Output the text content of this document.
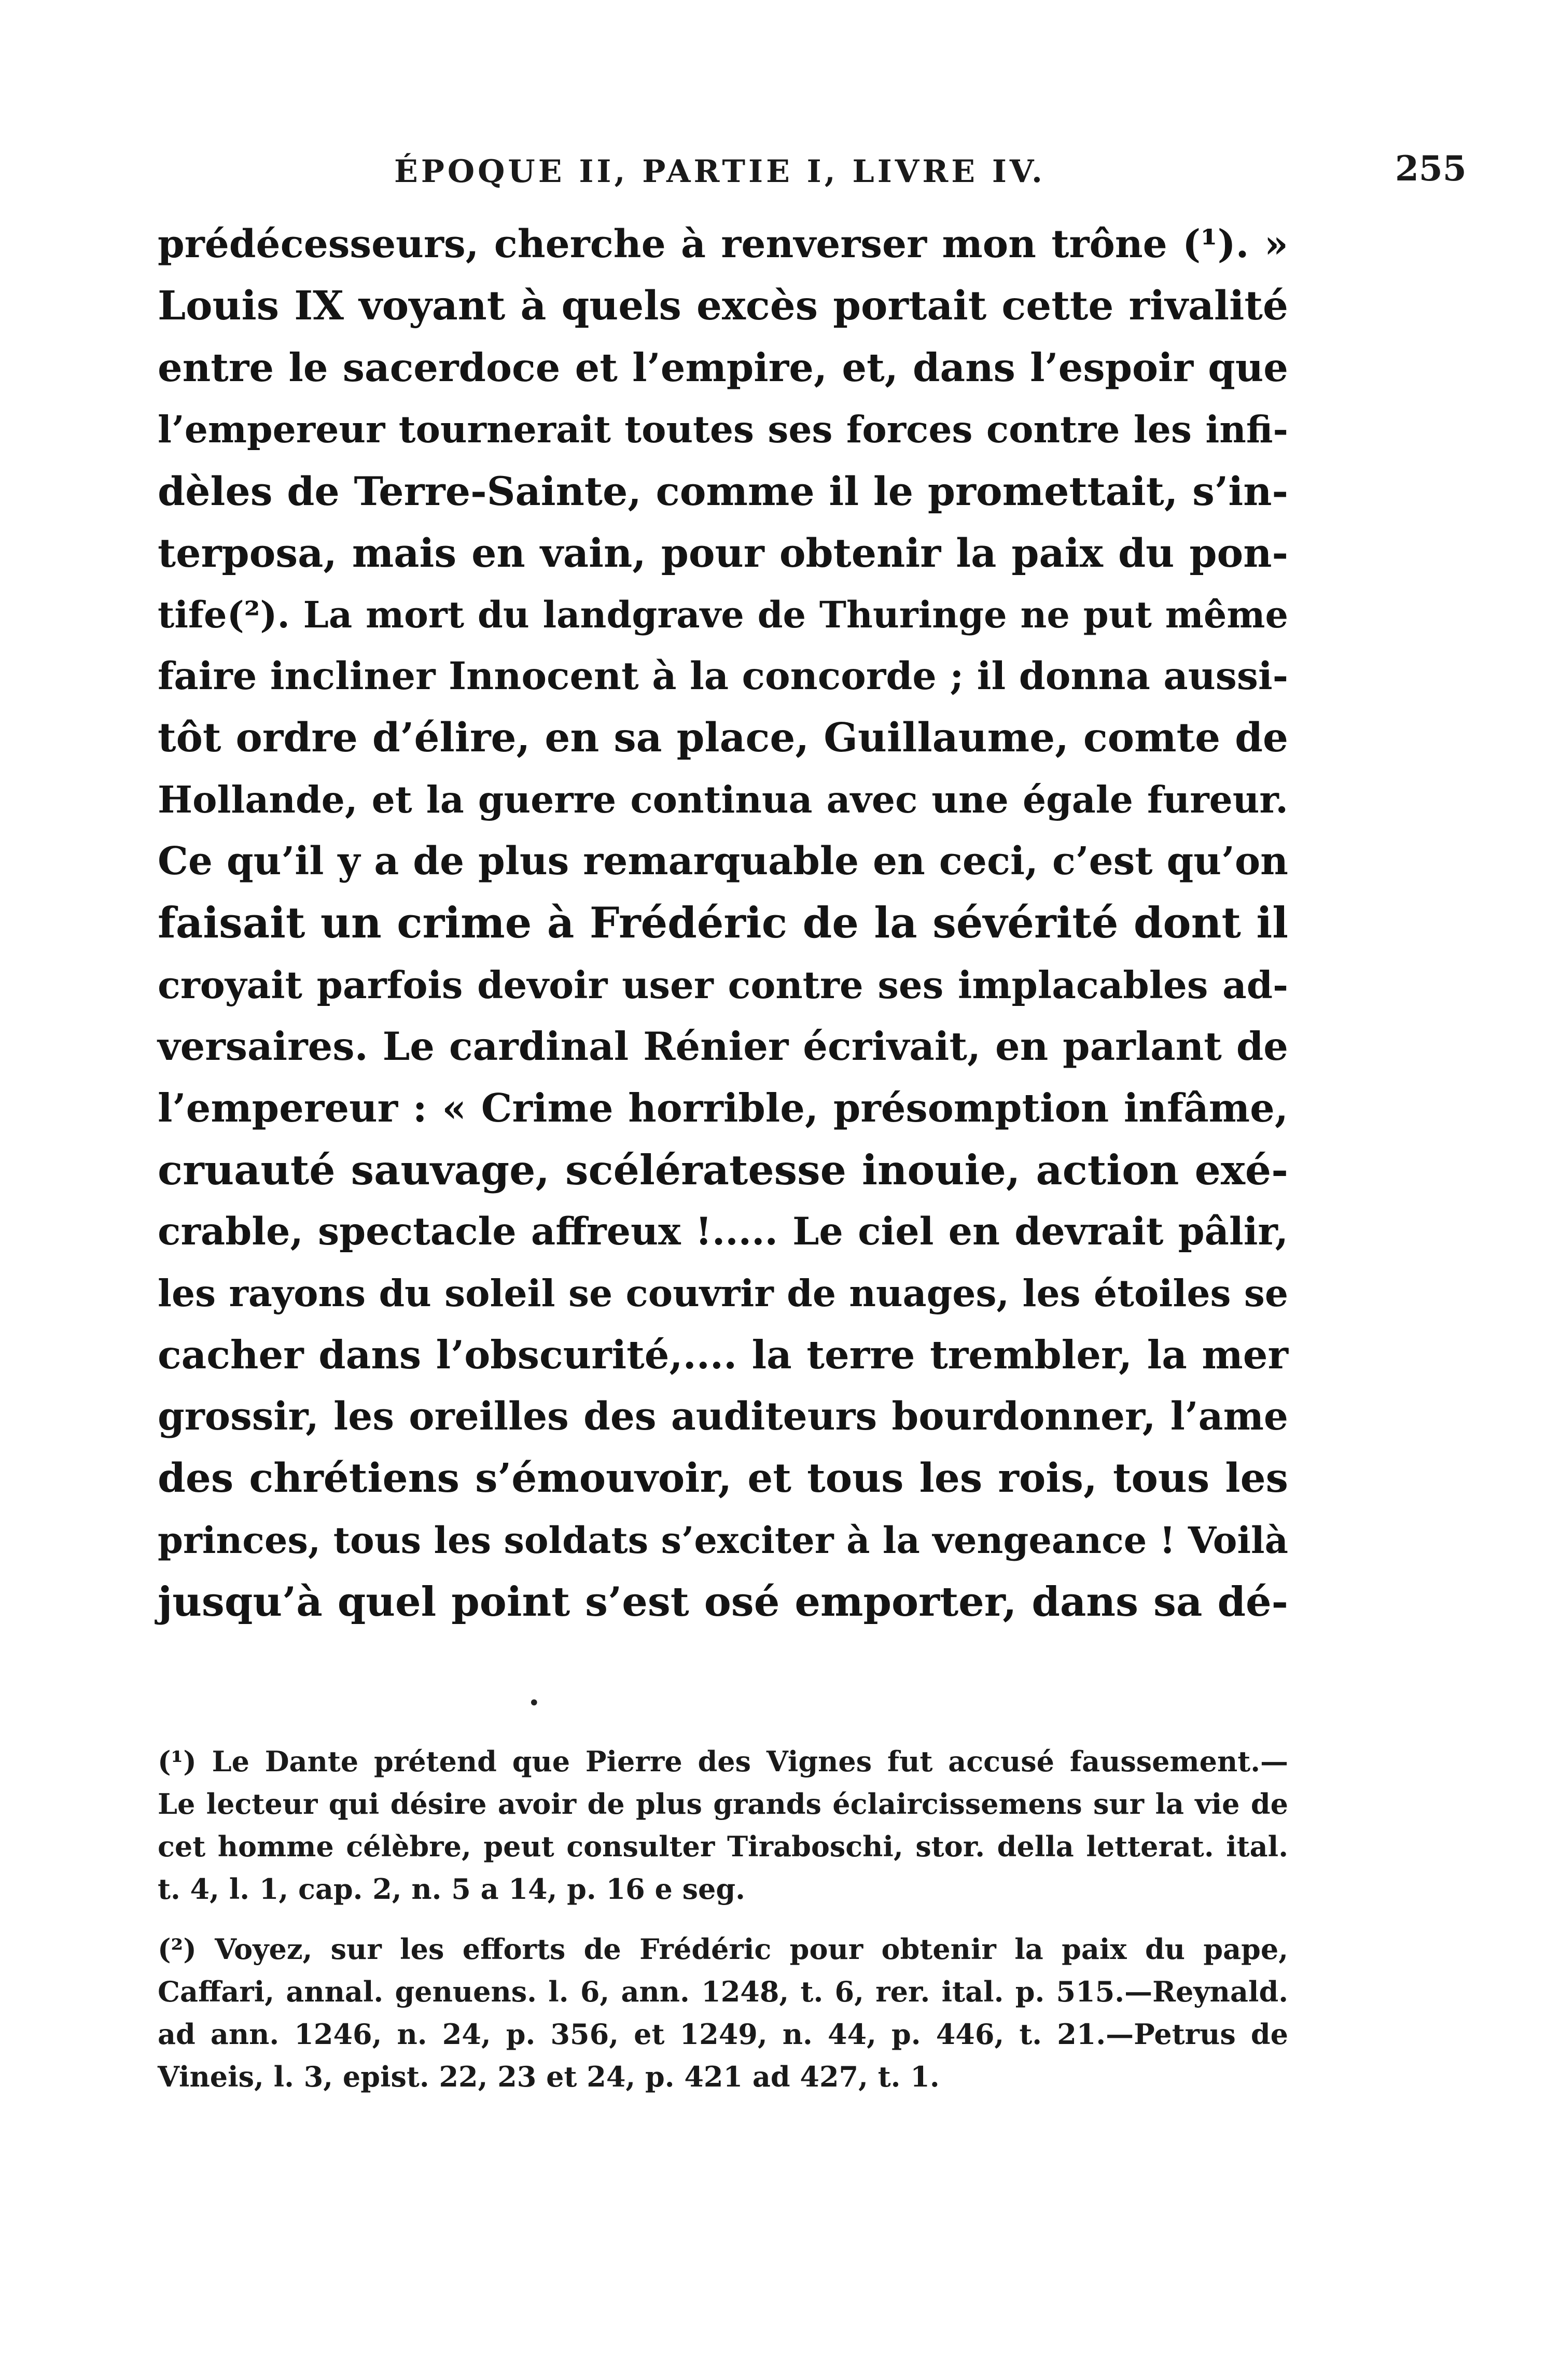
ÉPOQUE II, PARTIE I, LIVRE IV.	255
prédécesseurs, cherche à renverser mon trône (¹). »
Louis IX voyant à quels excès portait cette rivalité
entre le sacerdoce et l’empire, et, dans l’espoir que
l’empereur tournerait toutes ses forces contre les infi-
dèles de Terre-Sainte, comme il le promettait, s’in-
terposa, mais en vain, pour obtenir la paix du pon-
tife(²). La mort du landgrave de Thuringe ne put même
faire incliner Innocent à la concorde ; il donna aussi-
tôt ordre d’élire, en sa place, Guillaume, comte de
Hollande, et la guerre continua avec une égale fureur.
Ce qu’il y a de plus remarquable en ceci, c’est qu’on
faisait un crime à Frédéric de la sévérité dont il
croyait parfois devoir user contre ses implacables ad-
versaires. Le cardinal Rénier écrivait, en parlant de
l’empereur : « Crime horrible, présomption infâme,
cruauté sauvage, scélératesse inouie, action exé-
crable, spectacle affreux !..... Le ciel en devrait pâlir,
les rayons du soleil se couvrir de nuages, les étoiles se
cacher dans l’obscurité,.... la terre trembler, la mer
grossir, les oreilles des auditeurs bourdonner, l’ame
des chrétiens s’émouvoir, et tous les rois, tous les
princes, tous les soldats s’exciter à la vengeance ! Voilà
jusqu’à quel point s’est osé emporter, dans sa dé-
•
(¹) Le Dante prétend que Pierre des Vignes fut accusé faussement.—
Le lecteur qui désire avoir de plus grands éclaircissemens sur la vie de
cet homme célèbre, peut consulter Tiraboschi, stor. della letterat. ital.
t. 4, l. 1, cap. 2, n. 5 a 14, p. 16 e seg.
(²) Voyez, sur les efforts de Frédéric pour obtenir la paix du pape,
Caffari, annal. genuens. l. 6, ann. 1248, t. 6, rer. ital. p. 515.—Reynald.
ad ann. 1246, n. 24, p. 356, et 1249, n. 44, p. 446, t. 21.—Petrus de
Vineis, l. 3, epist. 22, 23 et 24, p. 421 ad 427, t. 1.
